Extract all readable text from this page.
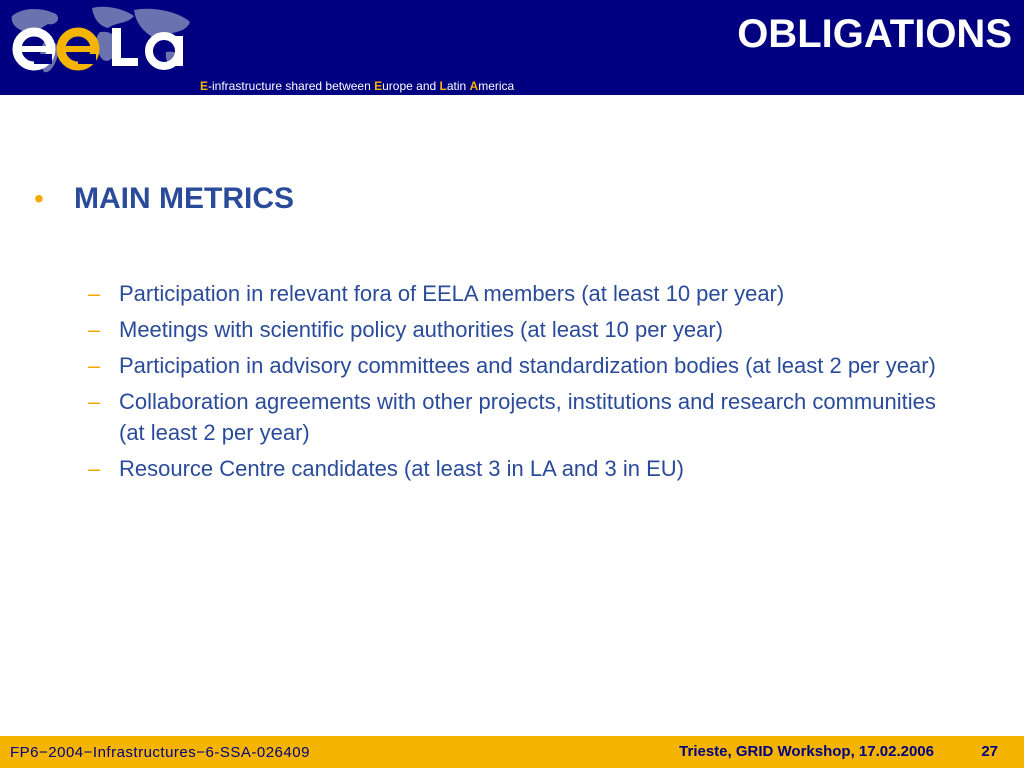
E-infrastructure shared between Europe and Latin America
OBLIGATIONS
•	MAIN METRICS
– Participation in relevant fora of EELA members (at least 10 per year)
– Meetings with scientific policy authorities (at least 10 per year)
– Participation in advisory committees and standardization bodies (at least 2 per year)
– Collaboration agreements with other projects, institutions and research communities (at least 2 per year)
– Resource Centre candidates (at least 3 in LA and 3 in EU)
FP6−2004−Infrastructures−6-SSA-026409	Trieste, GRID Workshop, 17.02.2006	27
